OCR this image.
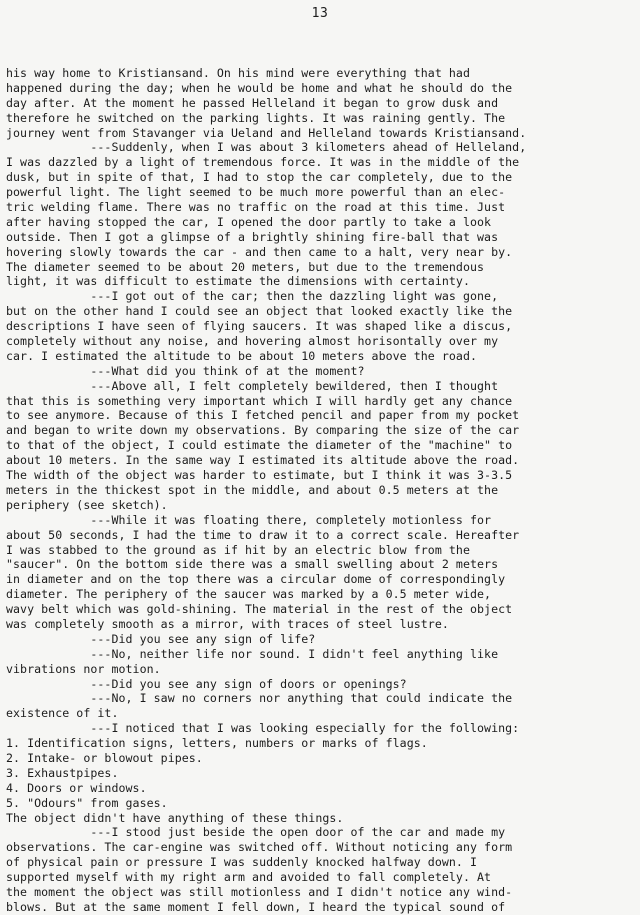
13
his way home to Kristiansand. On his mind were everything that had
happened during the day; when he would be home and what he should do the
day after. At the moment he passed Helleland it began to grow dusk and
therefore he switched on the parking lights. It was raining gently. The
journey went from Stavanger via Ueland and Helleland towards Kristiansand.
---Suddenly, when I was about 3 kilometers ahead of Helleland,
I was dazzled by a light of tremendous force. It was in the middle of the
dusk, but in spite of that, I had to stop the car completely, due to the
powerful light. The light seemed to be much more powerful than an elec-
tric welding flame. There was no traffic on the road at this time. Just
after having stopped the car, I opened the door partly to take a look
outside. Then I got a glimpse of a brightly shining fire-ball that was
hovering slowly towards the car - and then came to a halt, very near by.
The diameter seemed to be about 20 meters, but due to the tremendous
light, it was difficult to estimate the dimensions with certainty.
---I got out of the car; then the dazzling light was gone,
but on the other hand I could see an object that looked exactly like the
descriptions I have seen of flying saucers. It was shaped like a discus,
completely without any noise, and hovering almost horisontally over my
car. I estimated the altitude to be about 10 meters above the road.
---What did you think of at the moment?
---Above all, I felt completely bewildered, then I thought
that this is something very important which I will hardly get any chance
to see anymore. Because of this I fetched pencil and paper from my pocket
and began to write down my observations. By comparing the size of the car
to that of the object, I could estimate the diameter of the "machine" to
about 10 meters. In the same way I estimated its altitude above the road.
The width of the object was harder to estimate, but I think it was 3-3.5
meters in the thickest spot in the middle, and about 0.5 meters at the
periphery (see sketch).
---While it was floating there, completely motionless for
about 50 seconds, I had the time to draw it to a correct scale. Hereafter
I was stabbed to the ground as if hit by an electric blow from the
"saucer". On the bottom side there was a small swelling about 2 meters
in diameter and on the top there was a circular dome of correspondingly
diameter. The periphery of the saucer was marked by a 0.5 meter wide,
wavy belt which was gold-shining. The material in the rest of the object
was completely smooth as a mirror, with traces of steel lustre.
---Did you see any sign of life?
---No, neither life nor sound. I didn't feel anything like
vibrations nor motion.
---Did you see any sign of doors or openings?
---No, I saw no corners nor anything that could indicate the
existence of it.
---I noticed that I was looking especially for the following:
1. Identification signs, letters, numbers or marks of flags.
2. Intake- or blowout pipes.
3. Exhaustpipes.
4. Doors or windows.
5. "Odours" from gases.
The object didn't have anything of these things.
---I stood just beside the open door of the car and made my
observations. The car-engine was switched off. Without noticing any form
of physical pain or pressure I was suddenly knocked halfway down. I
supported myself with my right arm and avoided to fall completely. At
the moment the object was still motionless and I didn't notice any wind-
blows. But at the same moment I fell down, I heard the typical sound of
